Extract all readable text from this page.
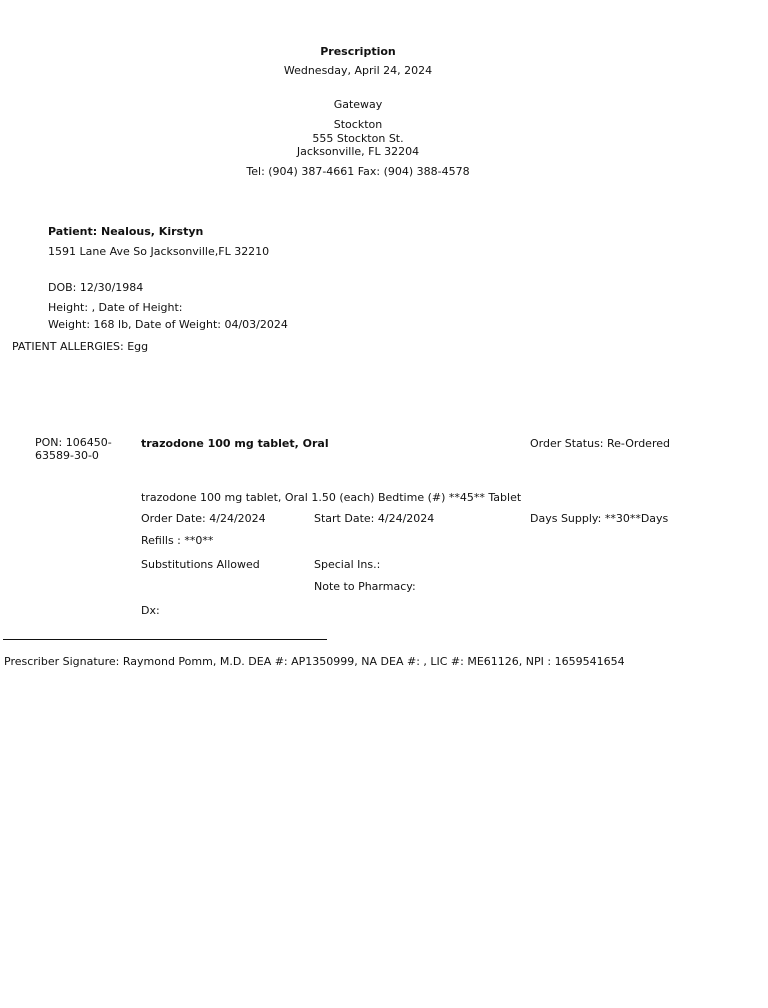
Prescription
Wednesday, April 24, 2024
Gateway
Stockton
555 Stockton St.
Jacksonville, FL 32204
Tel: (904) 387-4661 Fax: (904) 388-4578
Patient: Nealous, Kirstyn
1591 Lane Ave So Jacksonville,FL 32210
DOB: 12/30/1984
Height: , Date of Height:
Weight: 168 lb, Date of Weight: 04/03/2024
PATIENT ALLERGIES: Egg
PON: 106450-
63589-30-0
trazodone 100 mg tablet, Oral	Order Status: Re-Ordered
trazodone 100 mg tablet, Oral 1.50 (each) Bedtime (#) **45** Tablet
Order Date: 4/24/2024	Start Date: 4/24/2024	Days Supply: **30**Days
Refills : **0**
Substitutions Allowed	Special Ins.:
Note to Pharmacy:
Dx:
Prescriber Signature: Raymond Pomm, M.D. DEA #: AP1350999, NA DEA #: , LIC #: ME61126, NPI : 1659541654
